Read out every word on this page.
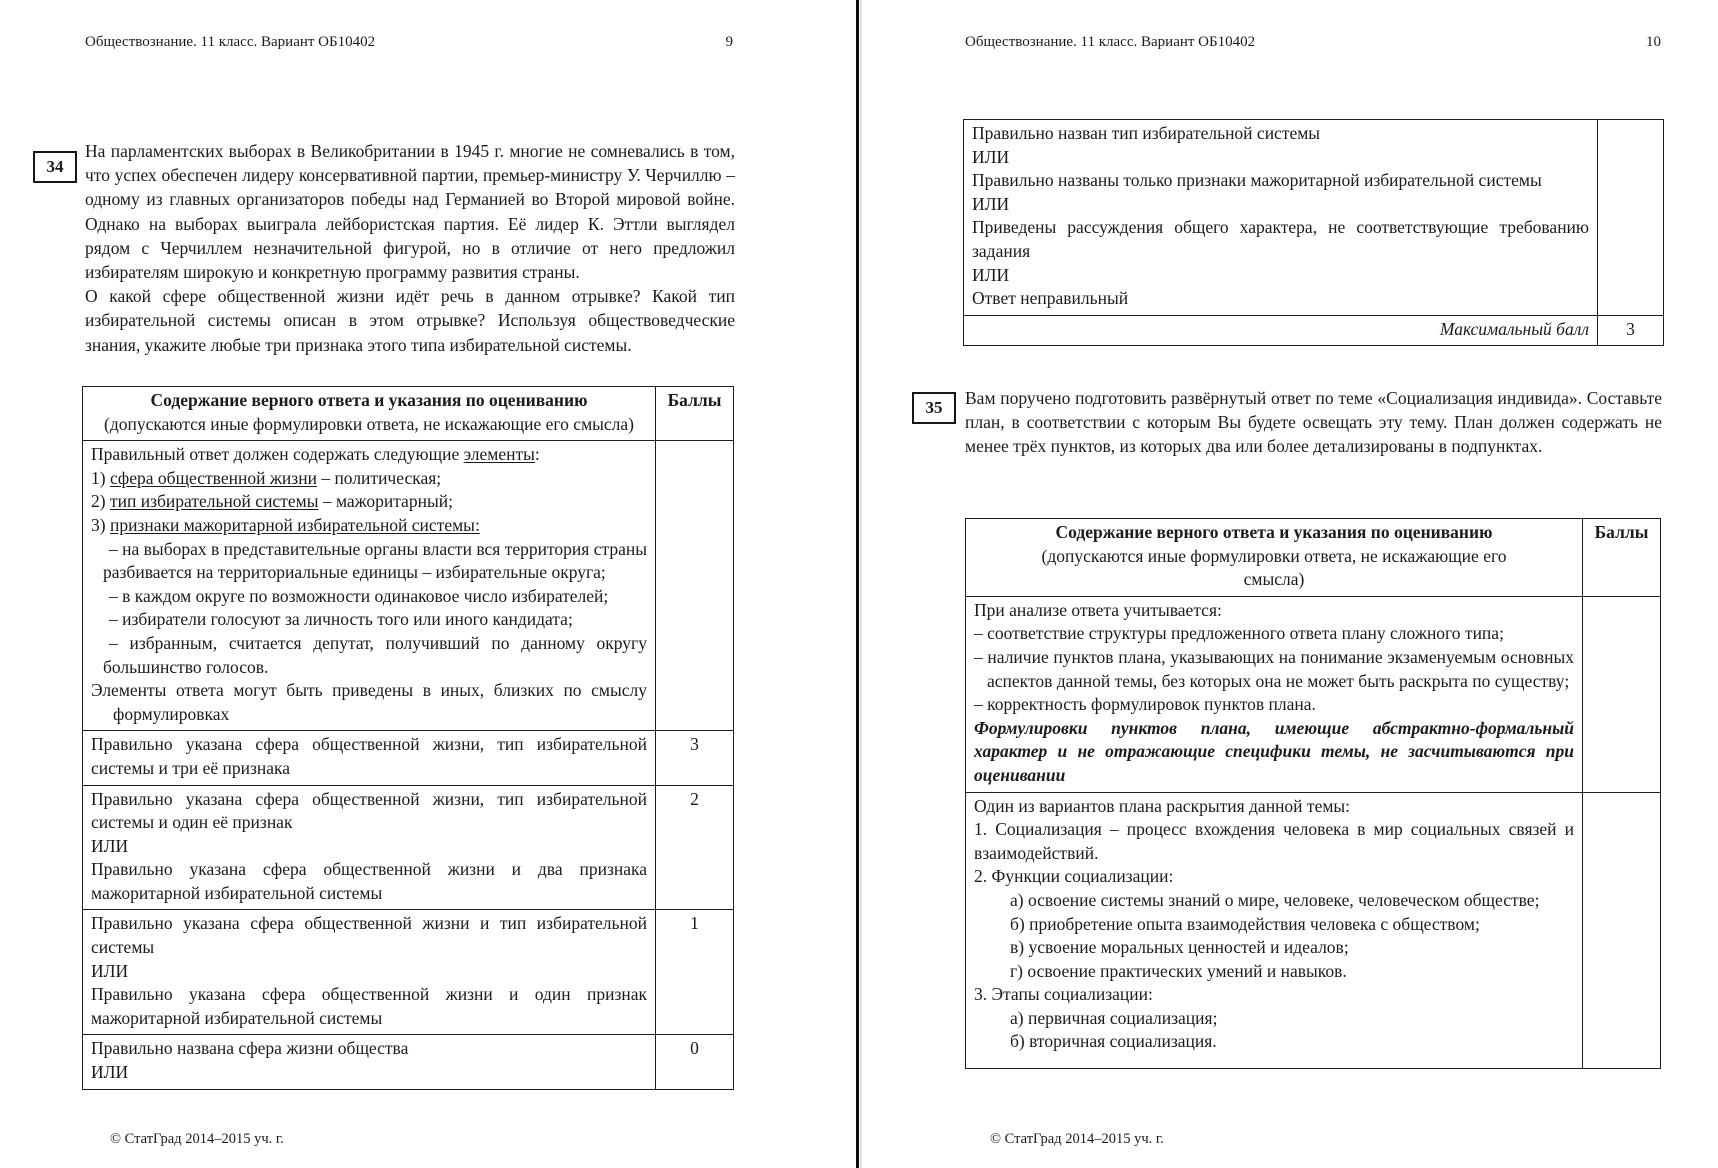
Обществознание. 11 класс. Вариант ОБ10402	9
34

На парламентских выборах в Великобритании в 1945 г. многие не сомневались в том, что успех обеспечен лидеру консервативной партии, премьер-министру У. Черчиллю – одному из главных организаторов победы над Германией во Второй мировой войне. Однако на выборах выиграла лейбористская партия. Её лидер К. Эттли выглядел рядом с Черчиллем незначительной фигурой, но в отличие от него предложил избирателям широкую и конкретную программу развития страны.

О какой сфере общественной жизни идёт речь в данном отрывке? Какой тип избирательной системы описан в этом отрывке? Используя обществоведческие знания, укажите любые три признака этого типа избирательной системы.

Содержание верного ответа и указания по оцениванию
(допускаются иные формулировки ответа, не искажающие его смысла)	Баллы

Правильный ответ должен содержать следующие элементы:
1) сфера общественной жизни – политическая;
2) тип избирательной системы – мажоритарный;
3) признаки мажоритарной избирательной системы:
– на выборах в представительные органы власти вся территория страны разбивается на территориальные единицы – избирательные округа;
– в каждом округе по возможности одинаковое число избирателей;
– избиратели голосуют за личность того или иного кандидата;
– избранным, считается депутат, получивший по данному округу большинство голосов.
Элементы ответа могут быть приведены в иных, близких по смыслу формулировках

Правильно указана сфера общественной жизни, тип избирательной системы и три её признака	3

Правильно указана сфера общественной жизни, тип избирательной системы и один её признак
ИЛИ
Правильно указана сфера общественной жизни и два признака мажоритарной избирательной системы	2

Правильно указана сфера общественной жизни и тип избирательной системы
ИЛИ
Правильно указана сфера общественной жизни и один признак мажоритарной избирательной системы	1

Правильно названа сфера жизни общества
ИЛИ	0
© СтатГрад 2014–2015 уч. г.
Обществознание. 11 класс. Вариант ОБ10402	10
Правильно назван тип избирательной системы
ИЛИ
Правильно названы только признаки мажоритарной избирательной системы
ИЛИ
Приведены рассуждения общего характера, не соответствующие требованию задания
ИЛИ
Ответ неправильный

Максимальный балл	3
35 Вам поручено подготовить развёрнутый ответ по теме «Социализация индивида». Составьте план, в соответствии с которым Вы будете освещать эту тему. План должен содержать не менее трёх пунктов, из которых два или более детализированы в подпунктах.

Содержание верного ответа и указания по оцениванию
(допускаются иные формулировки ответа, не искажающие его смысла)	Баллы

При анализе ответа учитывается:
– соответствие структуры предложенного ответа плану сложного типа;
– наличие пунктов плана, указывающих на понимание экзаменуемым основных аспектов данной темы, без которых она не может быть раскрыта по существу;
– корректность формулировок пунктов плана.
Формулировки пунктов плана, имеющие абстрактно-формальный характер и не отражающие специфики темы, не засчитываются при оценивании	

Один из вариантов плана раскрытия данной темы:
1. Социализация – процесс вхождения человека в мир социальных связей и взаимодействий.
2. Функции социализации:
а) освоение системы знаний о мире, человеке, человеческом обществе;
б) приобретение опыта взаимодействия человека с обществом;
в) усвоение моральных ценностей и идеалов;
г) освоение практических умений и навыков.
3. Этапы социализации:
а) первичная социализация;
б) вторичная социализация.

© СтатГрад 2014–2015 уч. г.
